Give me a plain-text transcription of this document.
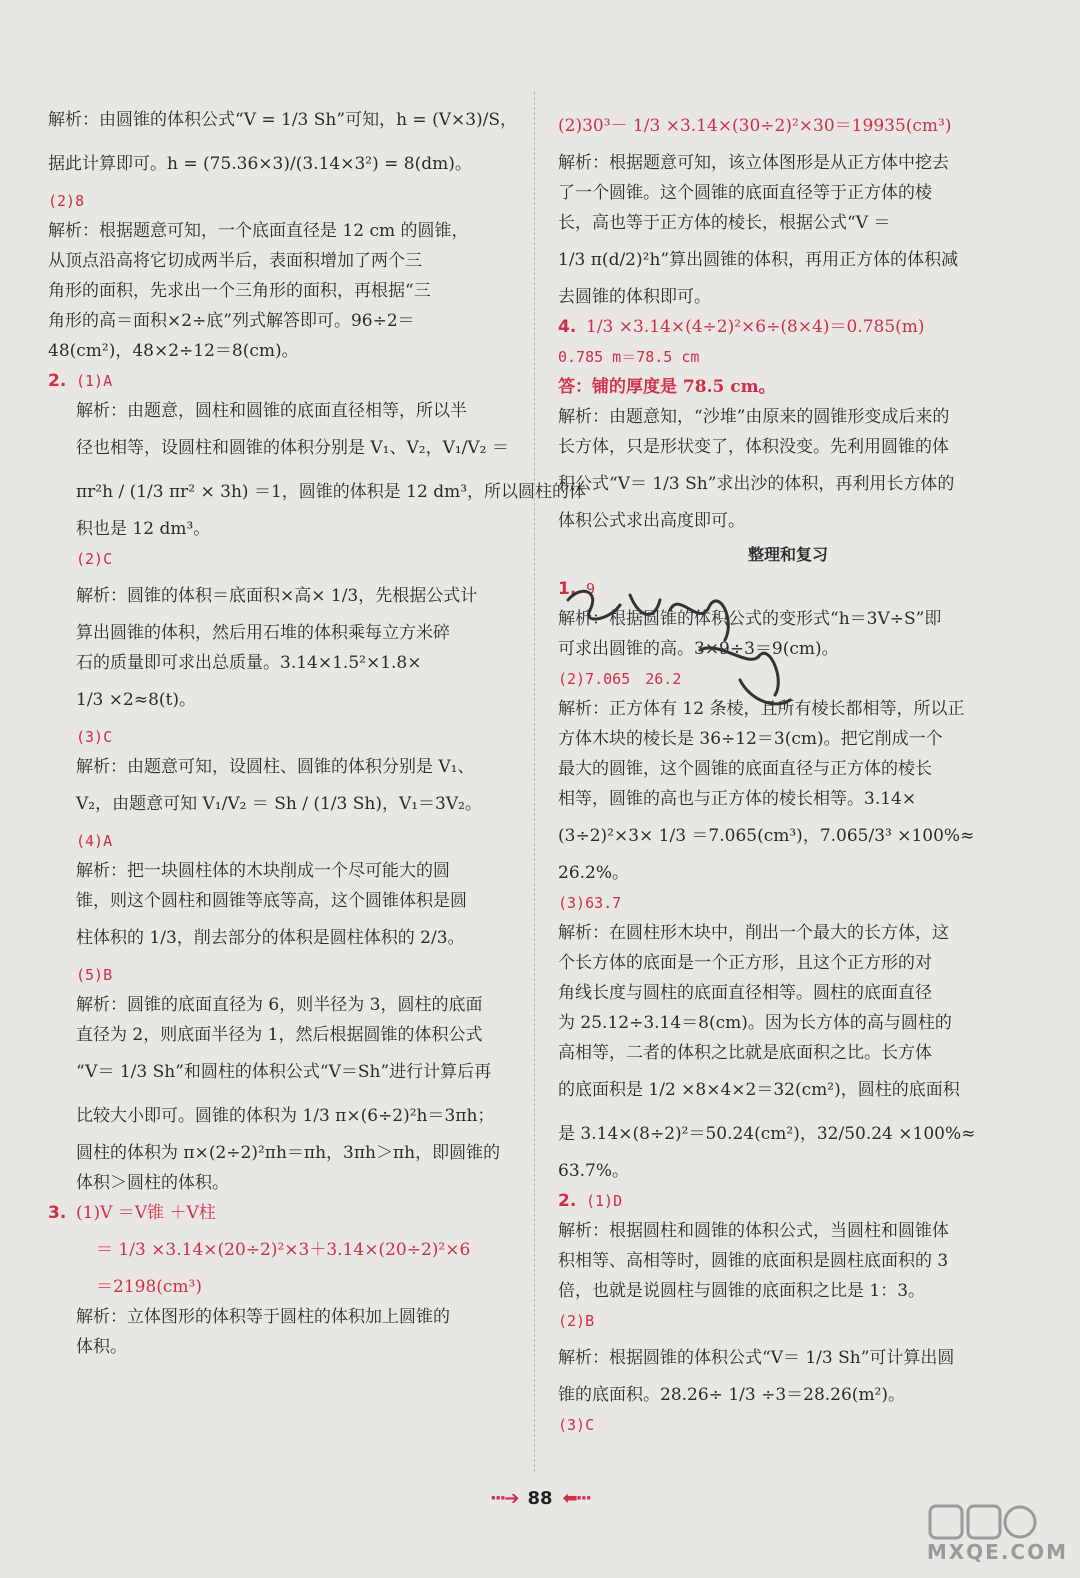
解析：由圆锥的体积公式“V = 1/3 Sh”可知，h = (V×3)/S，
据此计算即可。h = (75.36×3)/(3.14×3²) = 8(dm)。
(2)8
解析：根据题意可知，一个底面直径是 12 cm 的圆锥，
从顶点沿高将它切成两半后，表面积增加了两个三
角形的面积，先求出一个三角形的面积，再根据“三
角形的高＝面积×2÷底”列式解答即可。96÷2＝
48(cm²)，48×2÷12＝8(cm)。
2. (1)A
解析：由题意，圆柱和圆锥的底面直径相等，所以半
径也相等，设圆柱和圆锥的体积分别是 V₁、V₂，V₁/V₂ ＝
πr²h / (1/3 πr² × 3h) ＝1，圆锥的体积是 12 dm³，所以圆柱的体
积也是 12 dm³。
(2)C
解析：圆锥的体积＝底面积×高× 1/3，先根据公式计
算出圆锥的体积，然后用石堆的体积乘每立方米碎
石的质量即可求出总质量。3.14×1.5²×1.8×
1/3 ×2≈8(t)。
(3)C
解析：由题意可知，设圆柱、圆锥的体积分别是 V₁、
V₂，由题意可知 V₁/V₂ ＝ Sh / (1/3 Sh)，V₁＝3V₂。
(4)A
解析：把一块圆柱体的木块削成一个尽可能大的圆
锥，则这个圆柱和圆锥等底等高，这个圆锥体积是圆
柱体积的 1/3，削去部分的体积是圆柱体积的 2/3。
(5)B
解析：圆锥的底面直径为 6，则半径为 3，圆柱的底面
直径为 2，则底面半径为 1，然后根据圆锥的体积公式
“V＝ 1/3 Sh”和圆柱的体积公式“V＝Sh”进行计算后再
比较大小即可。圆锥的体积为 1/3 π×(6÷2)²h＝3πh；
圆柱的体积为 π×(2÷2)²πh＝πh，3πh＞πh，即圆锥的
体积＞圆柱的体积。
3. (1)V ＝V锥 ＋V柱
＝ 1/3 ×3.14×(20÷2)²×3＋3.14×(20÷2)²×6
＝2198(cm³)
解析：立体图形的体积等于圆柱的体积加上圆锥的
体积。
(2)30³－ 1/3 ×3.14×(30÷2)²×30＝19935(cm³)
解析：根据题意可知，该立体图形是从正方体中挖去
了一个圆锥。这个圆锥的底面直径等于正方体的棱
长，高也等于正方体的棱长，根据公式“V ＝
1/3 π(d/2)²h”算出圆锥的体积，再用正方体的体积减
去圆锥的体积即可。
4. 1/3 ×3.14×(4÷2)²×6÷(8×4)＝0.785(m)
0.785 m＝78.5 cm
答：铺的厚度是 78.5 cm。
解析：由题意知，“沙堆”由原来的圆锥形变成后来的
长方体，只是形状变了，体积没变。先利用圆锥的体
积公式“V＝ 1/3 Sh”求出沙的体积，再利用长方体的
体积公式求出高度即可。
整理和复习
1. 9
解析：根据圆锥的体积公式的变形式“h＝3V÷S”即
可求出圆锥的高。3×9÷3＝9(cm)。
(2)7.065　26.2
解析：正方体有 12 条棱，且所有棱长都相等，所以正
方体木块的棱长是 36÷12＝3(cm)。把它削成一个
最大的圆锥，这个圆锥的底面直径与正方体的棱长
相等，圆锥的高也与正方体的棱长相等。3.14×
(3÷2)²×3× 1/3 ＝7.065(cm³)，7.065/3³ ×100%≈
26.2%。
(3)63.7
解析：在圆柱形木块中，削出一个最大的长方体，这
个长方体的底面是一个正方形，且这个正方形的对
角线长度与圆柱的底面直径相等。圆柱的底面直径
为 25.12÷3.14＝8(cm)。因为长方体的高与圆柱的
高相等，二者的体积之比就是底面积之比。长方体
的底面积是 1/2 ×8×4×2＝32(cm²)，圆柱的底面积
是 3.14×(8÷2)²＝50.24(cm²)，32/50.24 ×100%≈
63.7%。
2. (1)D
解析：根据圆柱和圆锥的体积公式，当圆柱和圆锥体
积相等、高相等时，圆锥的底面积是圆柱底面积的 3
倍，也就是说圆柱与圆锥的底面积之比是 1：3。
(2)B
解析：根据圆锥的体积公式“V＝ 1/3 Sh”可计算出圆
锥的底面积。28.26÷ 1/3 ÷3＝28.26(m²)。
(3)C
···➔ 88 ⬅···
MXQE.COM
